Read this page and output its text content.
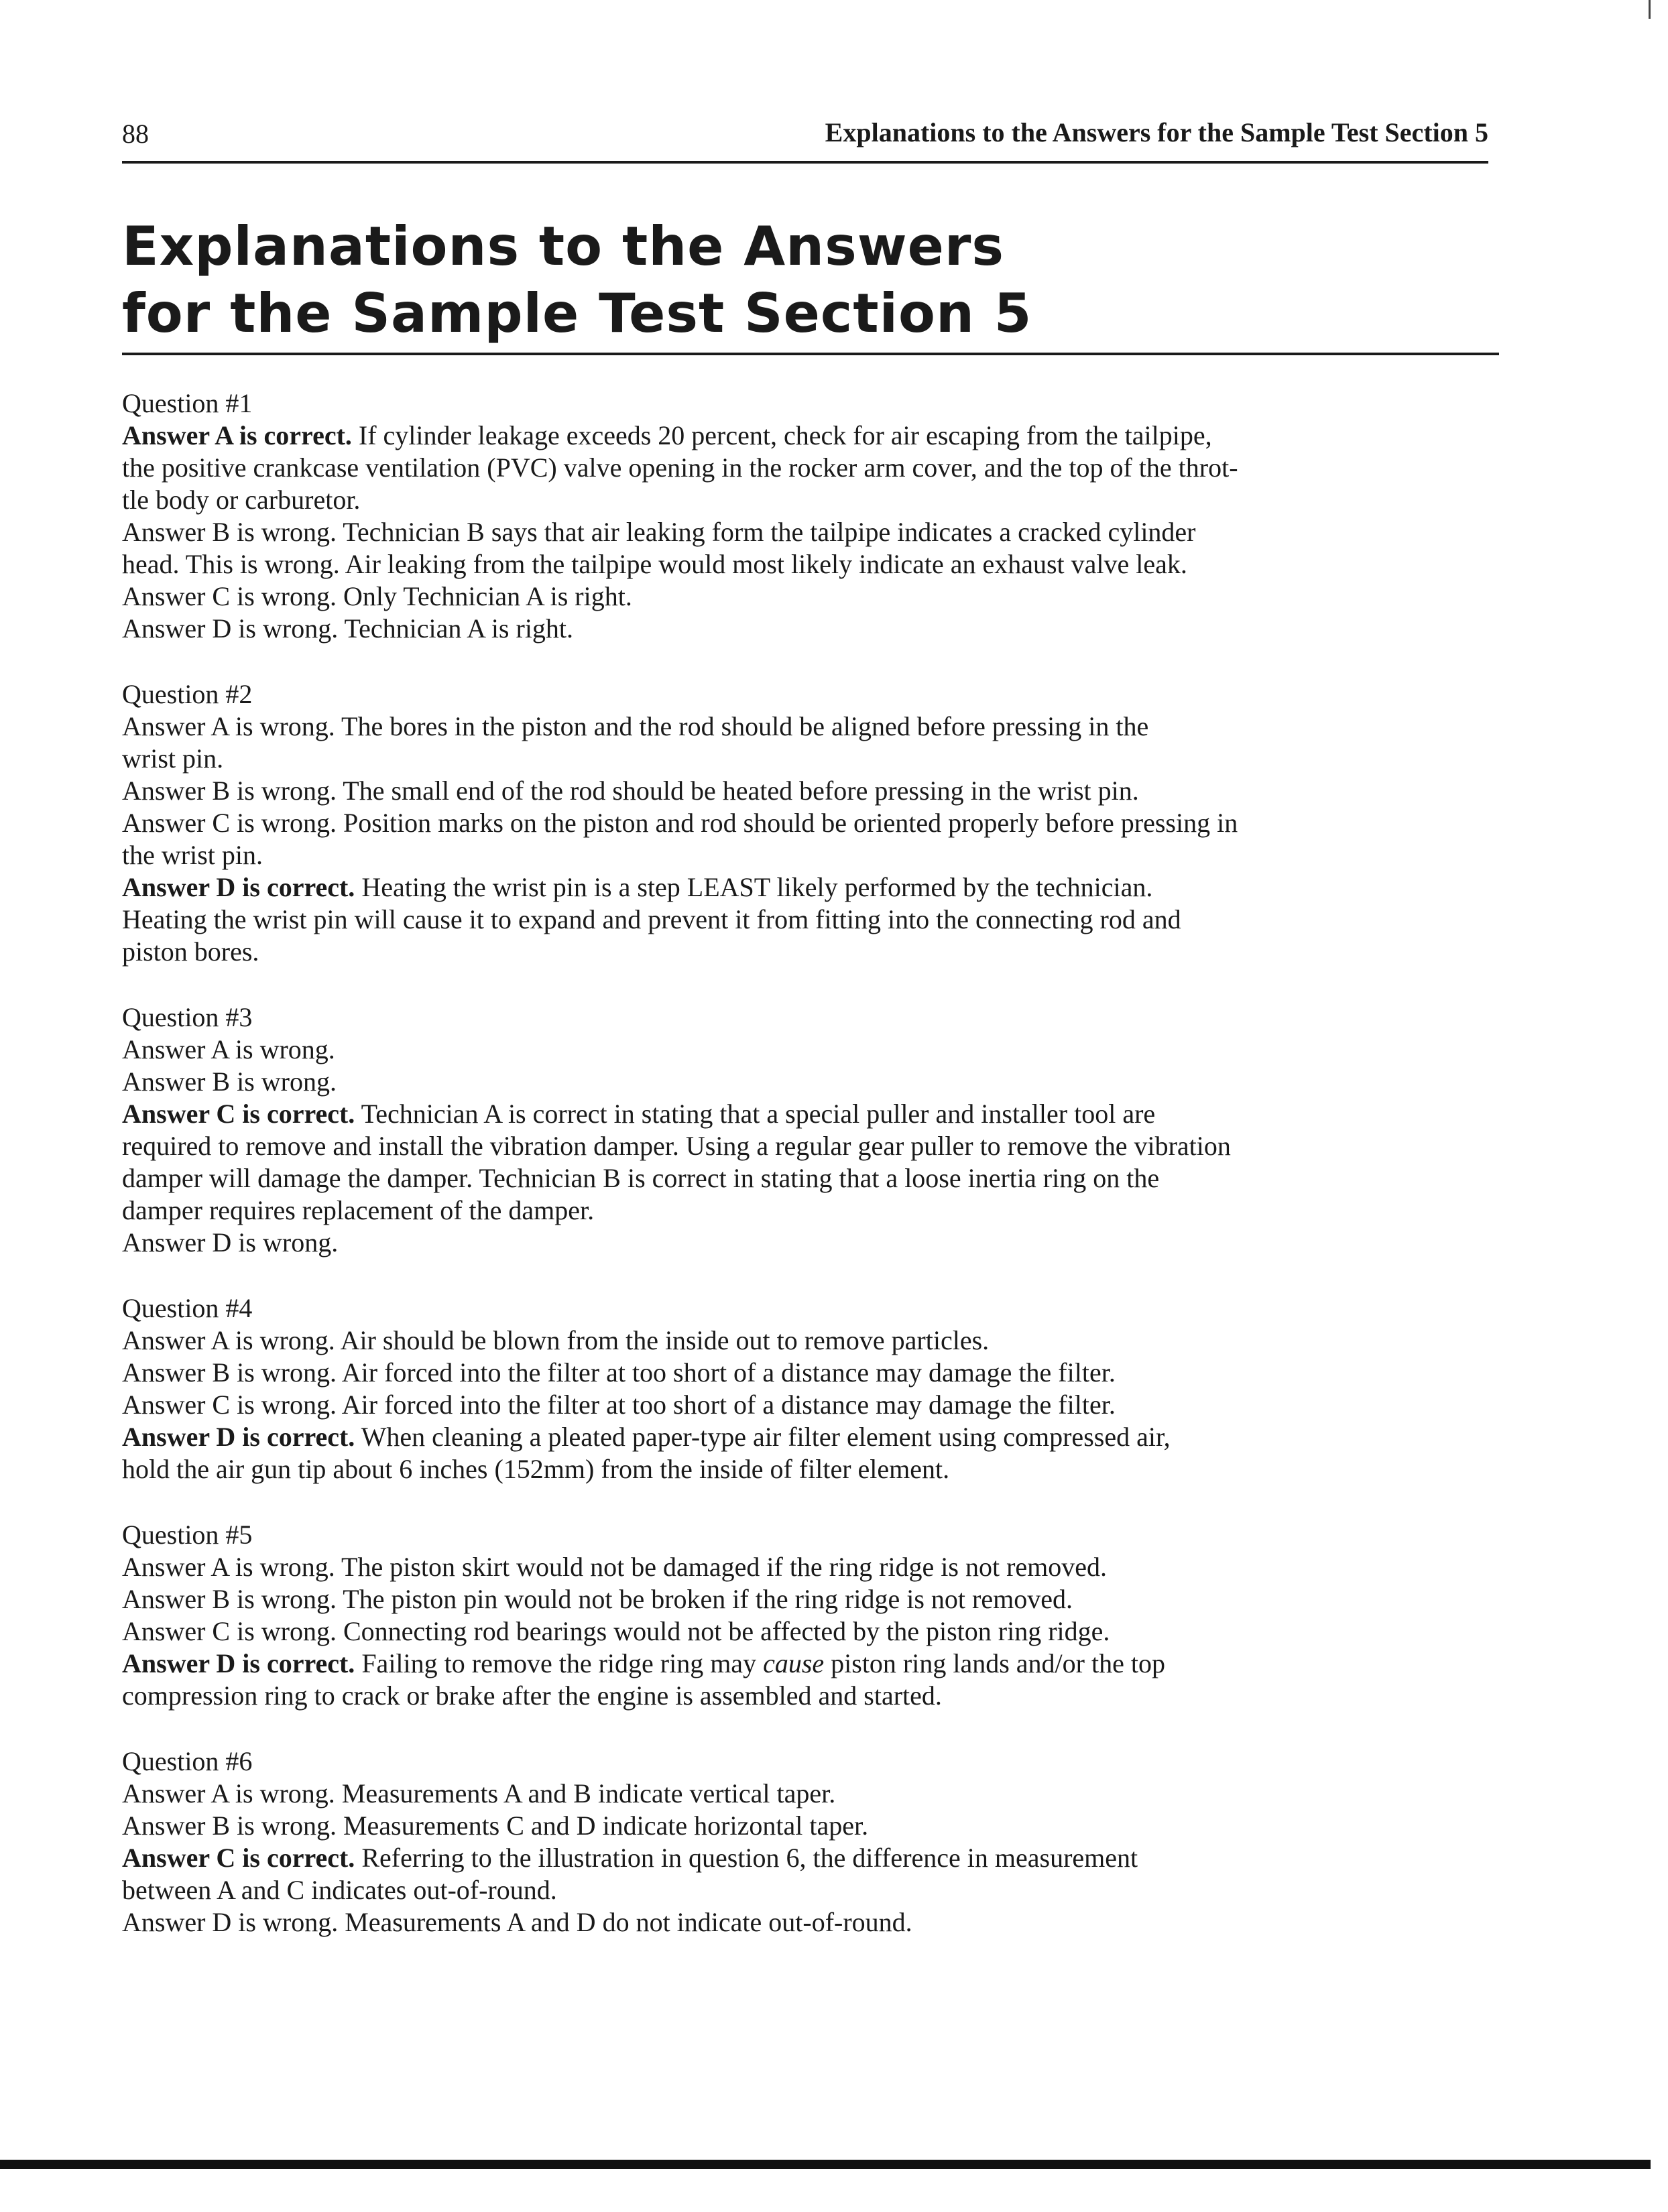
88	Explanations to the Answers for the Sample Test Section 5
Explanations to the Answers
for the Sample Test Section 5

Question #1

Answer A is correct. If cylinder leakage exceeds 20 percent, check for air escaping from the tailpipe,

the positive crankcase ventilation (PVC) valve opening in the rocker arm cover, and the top of the throt-

tle body or carburetor.

Answer B is wrong. Technician B says that air leaking form the tailpipe indicates a cracked cylinder

head. This is wrong. Air leaking from the tailpipe would most likely indicate an exhaust valve leak.

Answer C is wrong. Only Technician A is right.

Answer D is wrong. Technician A is right.

Question #2

Answer A is wrong. The bores in the piston and the rod should be aligned before pressing in the

wrist pin.

Answer B is wrong. The small end of the rod should be heated before pressing in the wrist pin.

Answer C is wrong. Position marks on the piston and rod should be oriented properly before pressing in

the wrist pin.

Answer D is correct. Heating the wrist pin is a step LEAST likely performed by the technician.

Heating the wrist pin will cause it to expand and prevent it from fitting into the connecting rod and

piston bores.

Question #3

Answer A is wrong.

Answer B is wrong.

Answer C is correct. Technician A is correct in stating that a special puller and installer tool are

required to remove and install the vibration damper. Using a regular gear puller to remove the vibration

damper will damage the damper. Technician B is correct in stating that a loose inertia ring on the

damper requires replacement of the damper.

Answer D is wrong.

Question #4

Answer A is wrong. Air should be blown from the inside out to remove particles.

Answer B is wrong. Air forced into the filter at too short of a distance may damage the filter.

Answer C is wrong. Air forced into the filter at too short of a distance may damage the filter.

Answer D is correct. When cleaning a pleated paper-type air filter element using compressed air,

hold the air gun tip about 6 inches (152mm) from the inside of filter element.

Question #5

Answer A is wrong. The piston skirt would not be damaged if the ring ridge is not removed.

Answer B is wrong. The piston pin would not be broken if the ring ridge is not removed.

Answer C is wrong. Connecting rod bearings would not be affected by the piston ring ridge.

Answer D is correct. Failing to remove the ridge ring may cause piston ring lands and/or the top

compression ring to crack or brake after the engine is assembled and started.

Question #6

Answer A is wrong. Measurements A and B indicate vertical taper.

Answer B is wrong. Measurements C and D indicate horizontal taper.

Answer C is correct. Referring to the illustration in question 6, the difference in measurement

between A and C indicates out-of-round.

Answer D is wrong. Measurements A and D do not indicate out-of-round.
